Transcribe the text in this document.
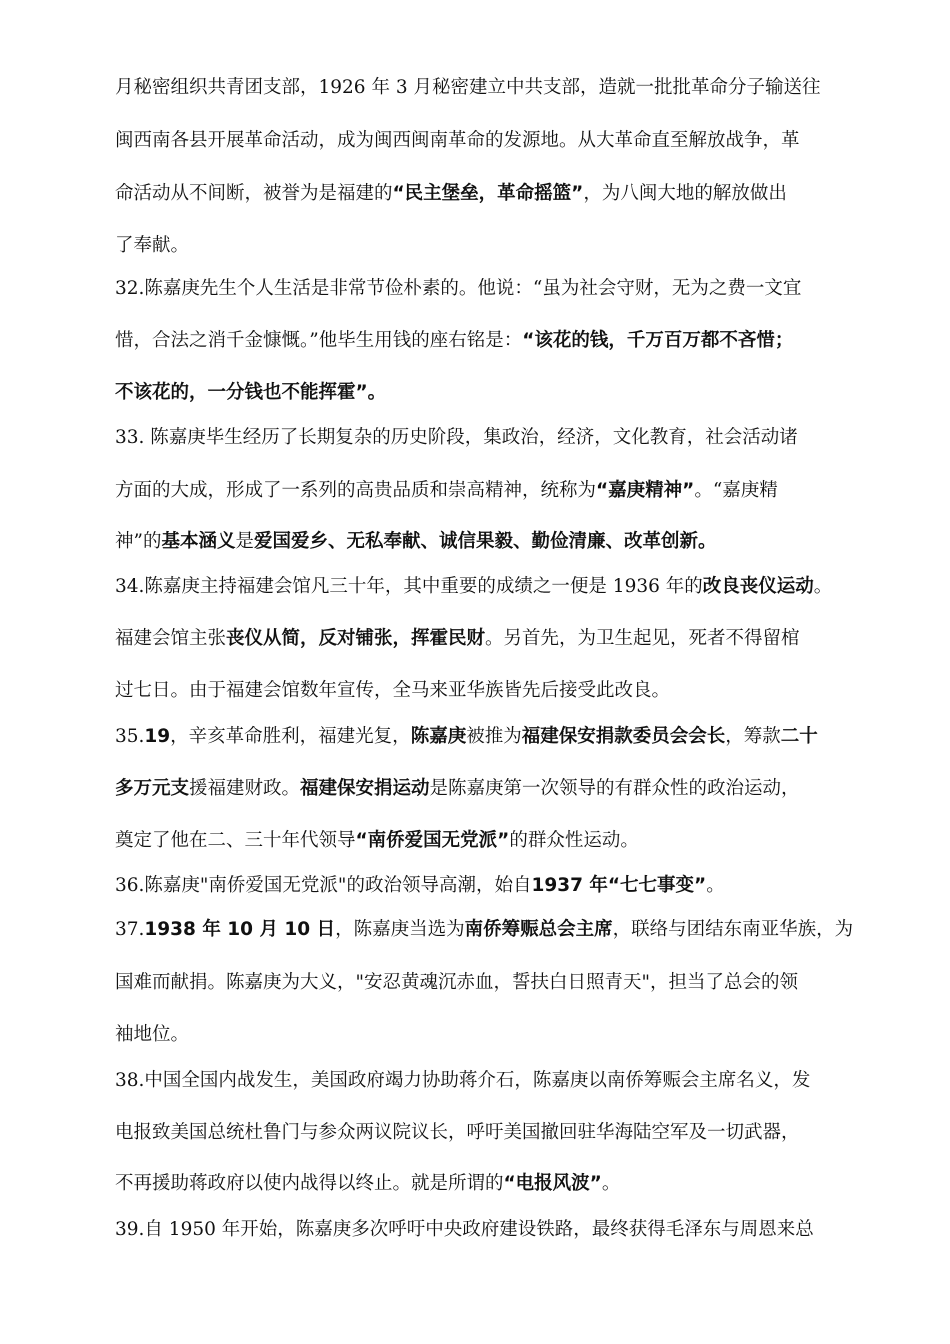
月秘密组织共青团支部，1926 年 3 月秘密建立中共支部，造就一批批革命分子输送往
闽西南各县开展革命活动，成为闽西闽南革命的发源地。从大革命直至解放战争，革
命活动从不间断，被誉为是福建的“民主堡垒，革命摇篮”，为八闽大地的解放做出
了奉献。
32.陈嘉庚先生个人生活是非常节俭朴素的。他说：“虽为社会守财，无为之费一文宜
惜，合法之消千金慷慨。”他毕生用钱的座右铭是：“该花的钱，千万百万都不吝惜；
不该花的，一分钱也不能挥霍”。
33. 陈嘉庚毕生经历了长期复杂的历史阶段，集政治，经济，文化教育，社会活动诸
方面的大成，形成了一系列的高贵品质和崇高精神，统称为“嘉庚精神”。“嘉庚精
神”的基本涵义是爱国爱乡、无私奉献、诚信果毅、勤俭清廉、改革创新。
34.陈嘉庚主持福建会馆凡三十年，其中重要的成绩之一便是 1936 年的改良丧仪运动。
福建会馆主张丧仪从简，反对铺张，挥霍民财。另首先，为卫生起见，死者不得留棺
过七日。由于福建会馆数年宣传，全马来亚华族皆先后接受此改良。
35.19，辛亥革命胜利，福建光复，陈嘉庚被推为福建保安捐款委员会会长，筹款二十
多万元支援福建财政。福建保安捐运动是陈嘉庚第一次领导的有群众性的政治运动，
奠定了他在二、三十年代领导“南侨爱国无党派”的群众性运动。
36.陈嘉庚"南侨爱国无党派"的政治领导高潮，始自1937 年“七七事变”。
37.1938 年 10 月 10 日，陈嘉庚当选为南侨筹赈总会主席，联络与团结东南亚华族，为
国难而献捐。陈嘉庚为大义，"安忍黄魂沉赤血，誓扶白日照青天"，担当了总会的领
袖地位。
38.中国全国内战发生，美国政府竭力协助蒋介石，陈嘉庚以南侨筹赈会主席名义，发
电报致美国总统杜鲁门与参众两议院议长，呼吁美国撤回驻华海陆空军及一切武器，
不再援助蒋政府以使内战得以终止。就是所谓的“电报风波”。
39.自 1950 年开始，陈嘉庚多次呼吁中央政府建设铁路，最终获得毛泽东与周恩来总
